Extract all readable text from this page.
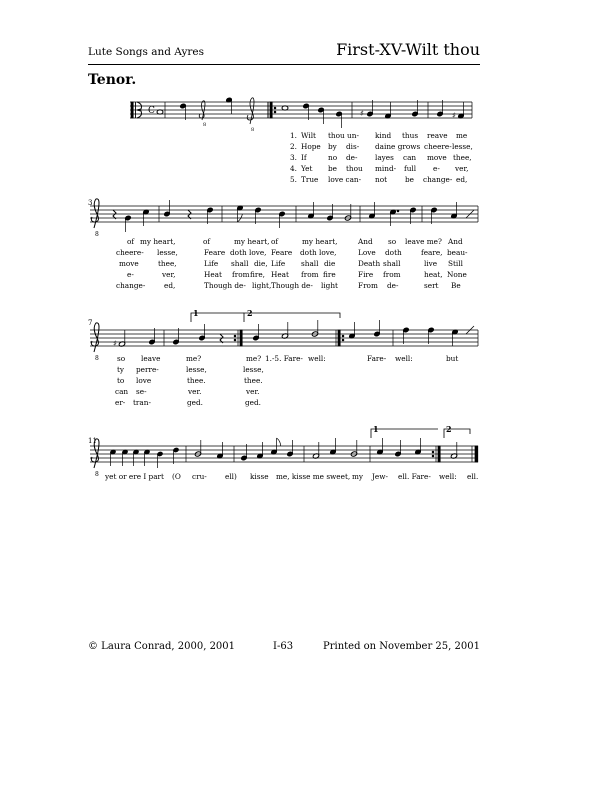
Lute Songs and Ayres	First-XV-Wilt thou
Tenor.
C
8
8
♯	♯
8
8
♯
8
3
7
11
1	2
1	2
1.
2.
3.
4.
5.
Wilt thou un- kind thus reave me
Hope by dis- daine grows cheere- lesse,
If	no de- layes can move thee,
Yet be thou mind- full e- ver,
True love can- not be change- ed,
of my heart,	of	my heart, of	my heart,	And so leave me? And
cheere- lesse,	Feare doth love, Feare doth love,	Love doth	feare, beau-
move	thee,	Life shall die, Life shall die	Death shall	live Still
e-	ver,	Heat from fire, Heat from fire	Fire from	heat, None
change-	ed,	Though de- light, Though de- light	From de-	sert Be
so leave	me?	me? 1.-5. Fare- well:	Fare- well:	but
ty perre-	lesse,	lesse,
to love	thee.	thee.
can se-	ver.	ver.
er- tran-	ged.	ged.
yet or ere I part (O cru-	ell) kisse me, kisse me sweet, my Jew- ell. Fare- well: ell.
© Laura Conrad, 2000, 2001	I-63	Printed on November 25, 2001
